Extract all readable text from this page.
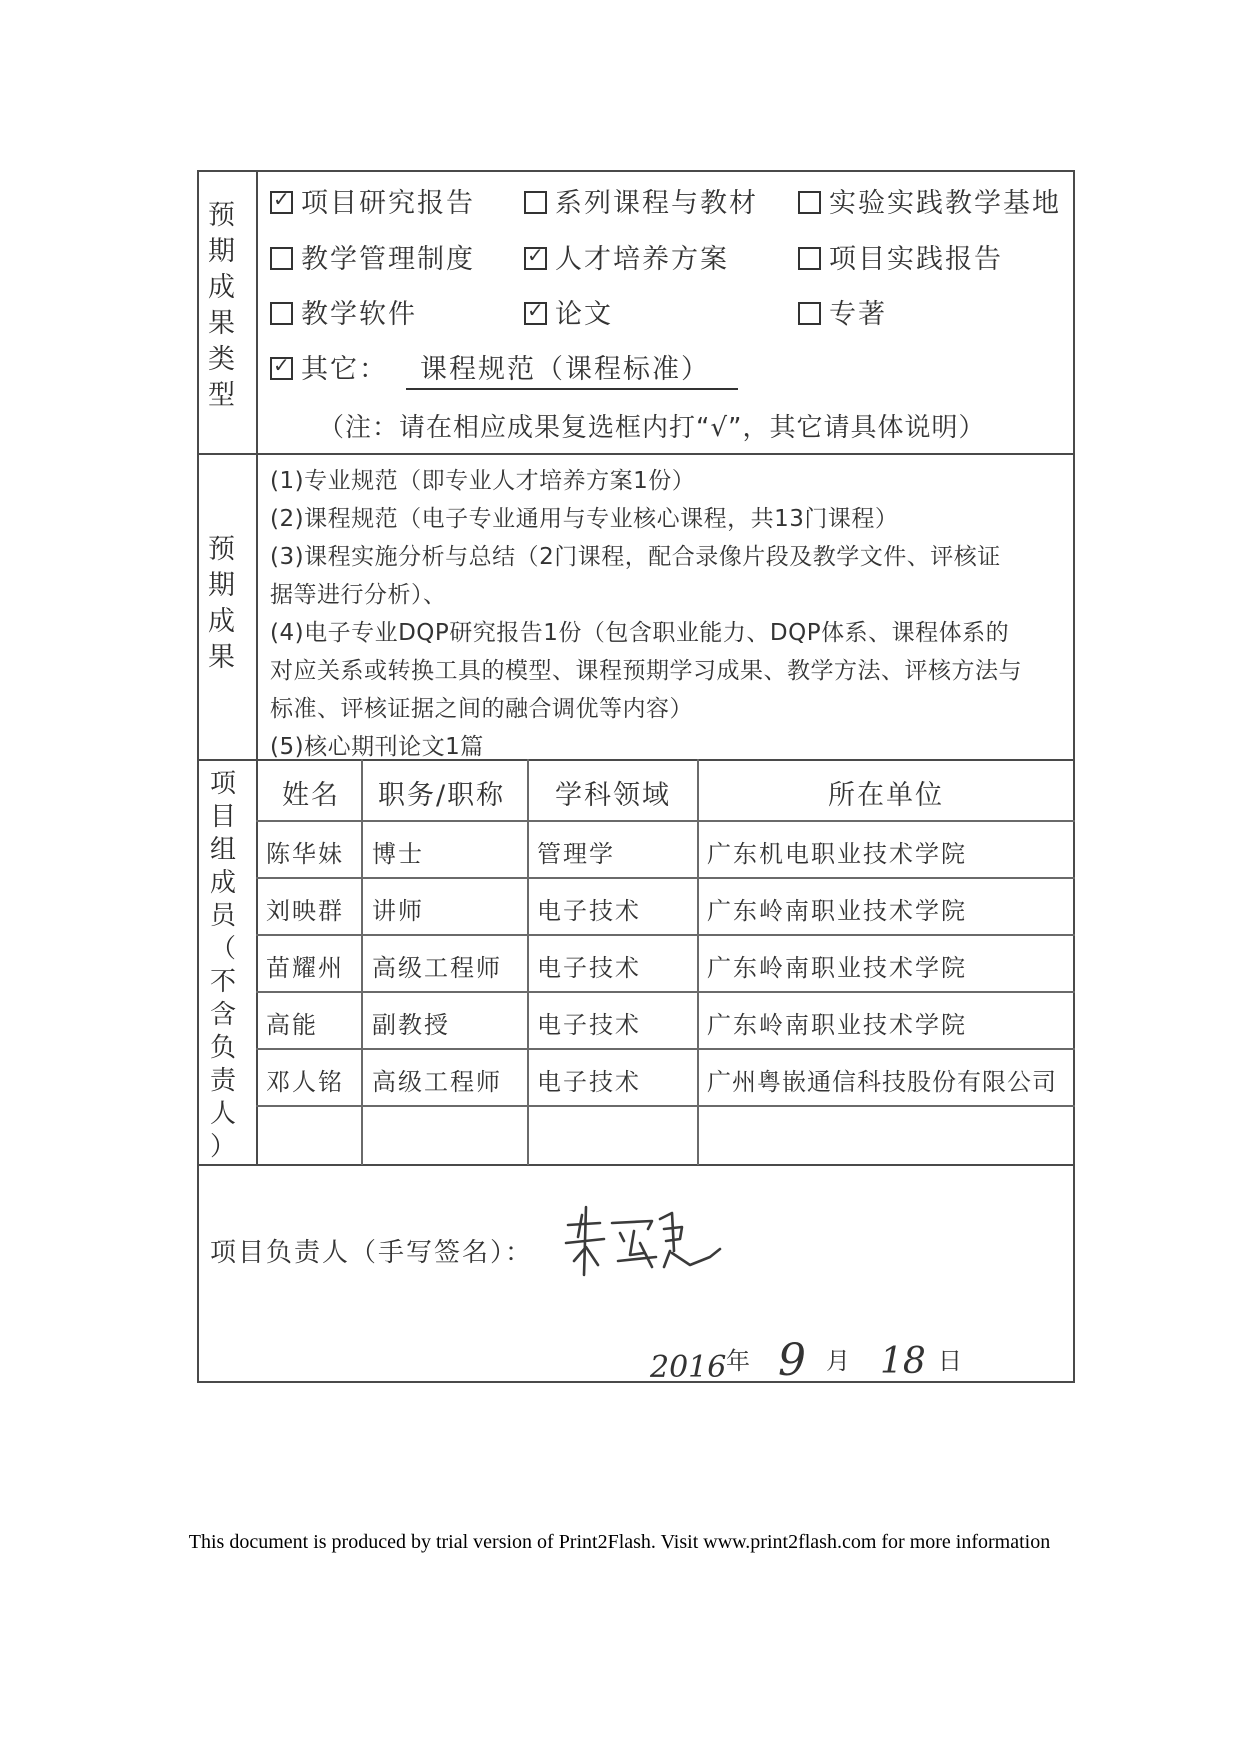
预
期
成
果
类
型
✓项目研究报告	系列课程与教材	实验实践教学基地
教学管理制度 ✓	人才培养方案	项目实践报告
教学软件 ✓	论文	专著
✓其它： 课程规范（课程标准）
（注：请在相应成果复选框内打“√”，其它请具体说明）
预
期
成
果
(1)专业规范（即专业人才培养方案1份）
(2)课程规范（电子专业通用与专业核心课程，共13门课程）
(3)课程实施分析与总结（2门课程，配合录像片段及教学文件、评核证
据等进行分析）、
(4)电子专业DQP研究报告1份（包含职业能力、DQP体系、课程体系的
对应关系或转换工具的模型、课程预期学习成果、教学方法、评核方法与
标准、评核证据之间的融合调优等内容）
(5)核心期刊论文1篇
项
目
组
成
员
（
不
含
负
责
人
）
姓名 职务/职称 学科领域	所在单位
陈华妹 博士	管理学	广东机电职业技术学院
刘映群 讲师	电子技术	广东岭南职业技术学院
苗耀州 高级工程师 电子技术	广东岭南职业技术学院
高能 副教授	电子技术	广东岭南职业技术学院
邓人铭 高级工程师 电子技术	广州粤嵌通信科技股份有限公司
项目负责人（手写签名）：
2016 年 9 月 18 日
This document is produced by trial version of Print2Flash. Visit www.print2flash.com for more information
